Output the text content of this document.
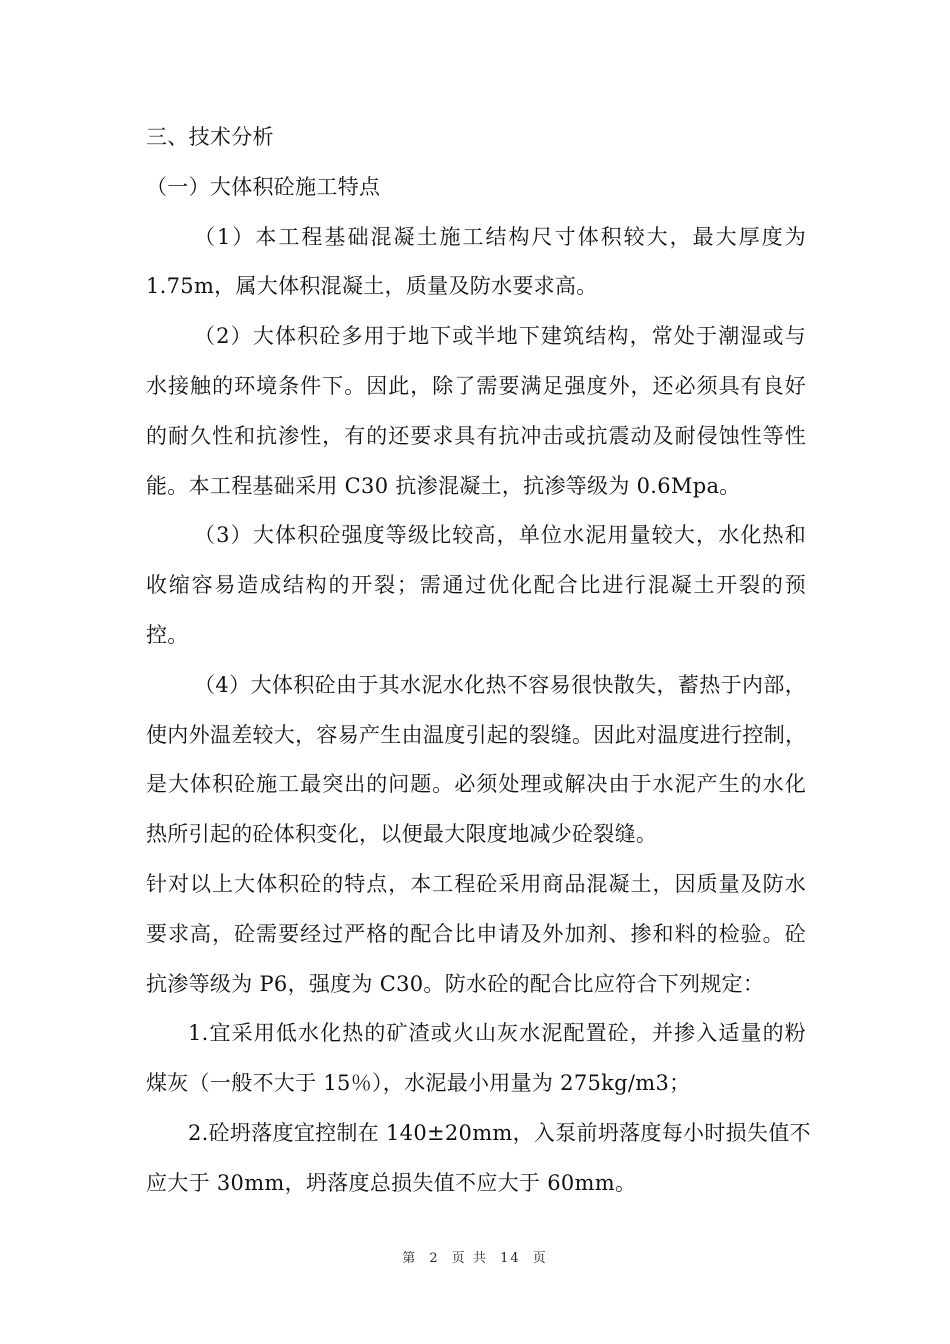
三、技术分析
（一）大体积砼施工特点
（1）本工程基础混凝土施工结构尺寸体积较大，最大厚度为
1.75m，属大体积混凝土，质量及防水要求高。
（2）大体积砼多用于地下或半地下建筑结构，常处于潮湿或与
水接触的环境条件下。因此，除了需要满足强度外，还必须具有良好
的耐久性和抗渗性，有的还要求具有抗冲击或抗震动及耐侵蚀性等性
能。本工程基础采用 C30 抗渗混凝土，抗渗等级为 0.6Mpa。
（3）大体积砼强度等级比较高，单位水泥用量较大，水化热和
收缩容易造成结构的开裂；需通过优化配合比进行混凝土开裂的预
控。
（4）大体积砼由于其水泥水化热不容易很快散失，蓄热于内部，
使内外温差较大，容易产生由温度引起的裂缝。因此对温度进行控制，
是大体积砼施工最突出的问题。必须处理或解决由于水泥产生的水化
热所引起的砼体积变化，以便最大限度地减少砼裂缝。
针对以上大体积砼的特点，本工程砼采用商品混凝土，因质量及防水
要求高，砼需要经过严格的配合比申请及外加剂、掺和料的检验。砼
抗渗等级为 P6，强度为 C30。防水砼的配合比应符合下列规定：
1.宜采用低水化热的矿渣或火山灰水泥配置砼，并掺入适量的粉
煤灰（一般不大于 15％），水泥最小用量为 275kg/m3；
2.砼坍落度宜控制在 140±20mm，入泵前坍落度每小时损失值不
应大于 30mm，坍落度总损失值不应大于 60mm。
第 2 页 共 14 页
